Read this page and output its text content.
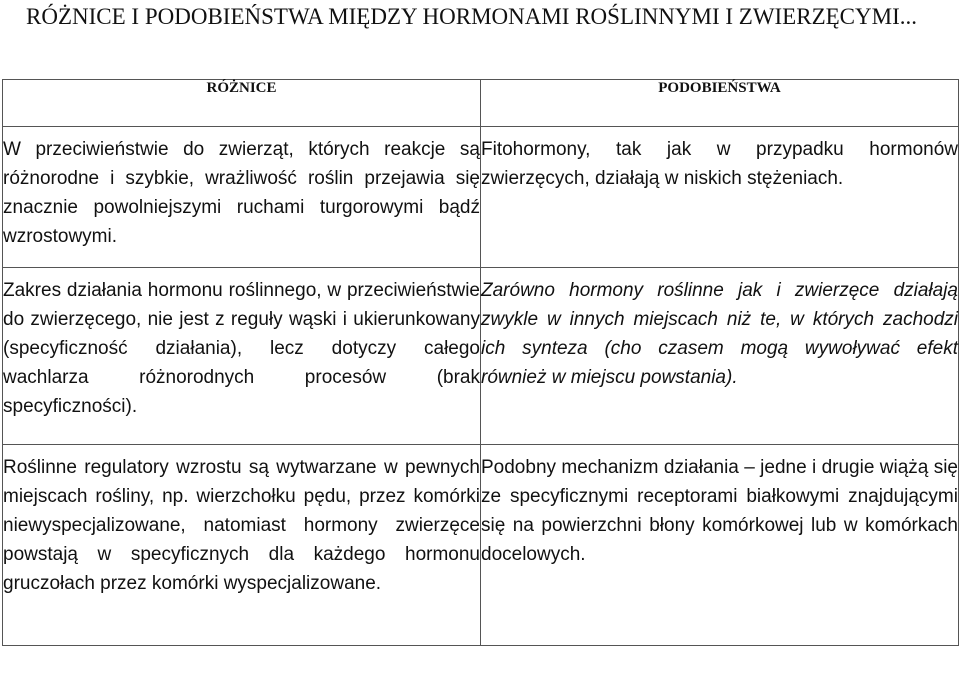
RÓŻNICE I PODOBIEŃSTWA MIĘDZY HORMONAMI ROŚLINNYMI I ZWIERZĘCYMI...
RÓŻNICE	PODOBIEŃSTWA

W przeciwieństwie do zwierząt, których reakcje są różnorodne i szybkie, wrażliwość roślin przejawia się znacznie powolniejszymi ruchami turgorowymi bądź wzrostowymi.	Fitohormony, tak jak w przypadku hormonów zwierzęcych, działają w niskich stężeniach.

Zakres działania hormonu roślinnego, w przeciwieństwie do zwierzęcego, nie jest z reguły wąski i ukierunkowany (specyficzność działania), lecz dotyczy całego wachlarza różnorodnych procesów (brak specyficzności).	Zarówno hormony roślinne jak i zwierzęce działają zwykle w innych miejscach niż te, w których zachodzi ich synteza (cho czasem mogą wywoływać efekt również w miejscu powstania).

Roślinne regulatory wzrostu są wytwarzane w pewnych miejscach rośliny, np. wierzchołku pędu, przez komórki niewyspecjalizowane, natomiast hormony zwierzęce powstają w specyficznych dla każdego hormonu gruczołach przez komórki wyspecjalizowane.	Podobny mechanizm działania – jedne i drugie wiążą się ze specyficznymi receptorami białkowymi znajdującymi się na powierzchni błony komórkowej lub w komórkach docelowych.
